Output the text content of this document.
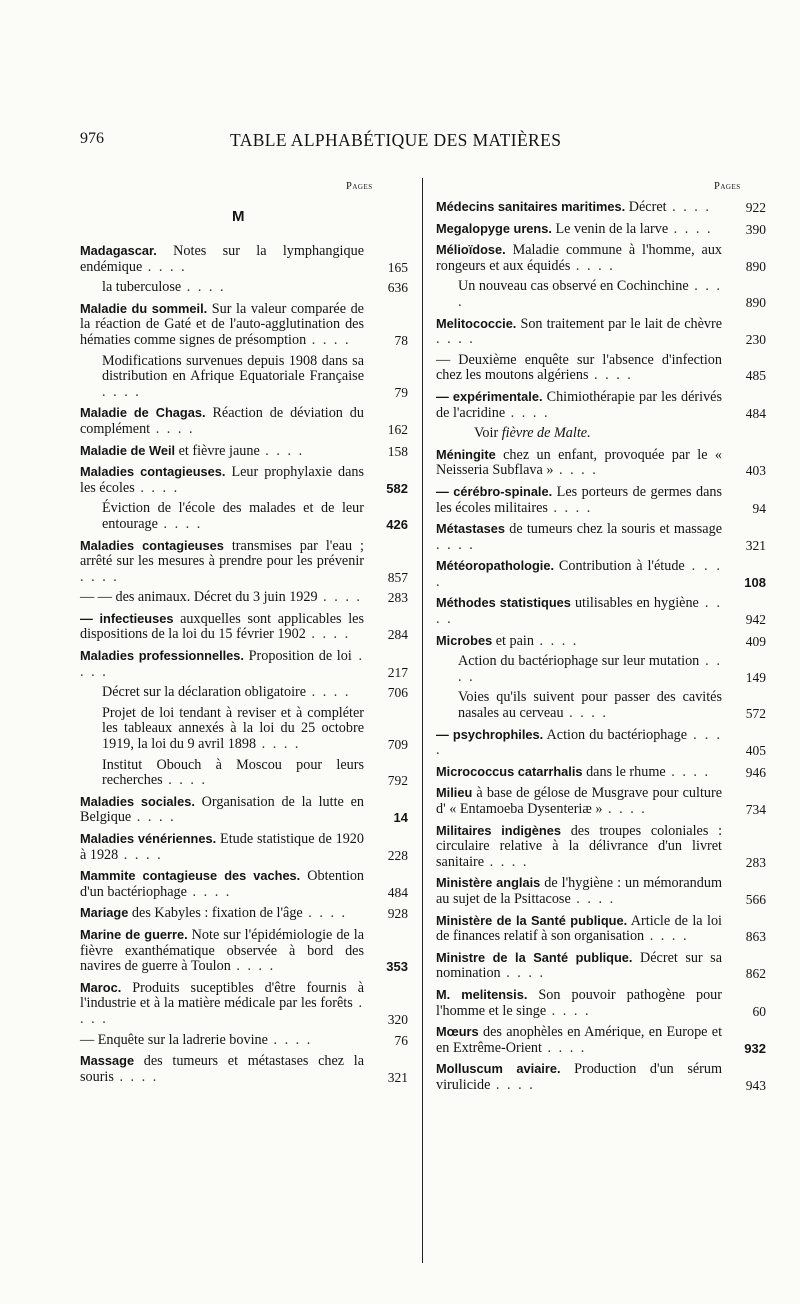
976	TABLE ALPHABÉTIQUE DES MATIÈRES
Pages	Pages
M
Madagascar. Notes sur la lymphangique endémique . . . .	165
la tuberculose . . . .	636
Maladie du sommeil. Sur la valeur comparée de la réaction de Gaté et de l'auto-agglutination des hématies comme signes de présomption . . . .	78
Modifications survenues depuis 1908 dans sa distribution en Afrique Equatoriale Française . . . .	79
Maladie de Chagas. Réaction de déviation du complément . . . .	162
Maladie de Weil et fièvre jaune . . . .	158
Maladies contagieuses. Leur prophylaxie dans les écoles . . . .	582
Éviction de l'école des malades et de leur entourage . . . .	426
Maladies contagieuses transmises par l'eau ; arrêté sur les mesures à prendre pour les prévenir . . . .	857
— — des animaux. Décret du 3 juin 1929 . . . .	283
— infectieuses auxquelles sont applicables les dispositions de la loi du 15 février 1902 . . . .	284
Maladies professionnelles. Proposition de loi . . . .	217
Décret sur la déclaration obligatoire . . . .	706
Projet de loi tendant à reviser et à compléter les tableaux annexés à la loi du 25 octobre 1919, la loi du 9 avril 1898 . . . .	709
Institut Obouch à Moscou pour leurs recherches . . . .	792
Maladies sociales. Organisation de la lutte en Belgique . . . .	14
Maladies vénériennes. Etude statistique de 1920 à 1928 . . . .	228
Mammite contagieuse des vaches. Obtention d'un bactériophage . . . .	484
Mariage des Kabyles : fixation de l'âge . . . .	928
Marine de guerre. Note sur l'épidémiologie de la fièvre exanthématique observée à bord des navires de guerre à Toulon . . . .	353
Maroc. Produits suceptibles d'être fournis à l'industrie et à la matière médicale par les forêts . . . .	320
— Enquête sur la ladrerie bovine . . . .	76
Massage des tumeurs et métastases chez la souris . . . .	321
Médecins sanitaires maritimes. Décret . . . .	922
Megalopyge urens. Le venin de la larve . . . .	390
Mélioïdose. Maladie commune à l'homme, aux rongeurs et aux équidés . . . .	890
Un nouveau cas observé en Cochinchine . . . .	890
Melitococcie. Son traitement par le lait de chèvre . . . .	230
— Deuxième enquête sur l'absence d'infection chez les moutons algériens . . . .	485
— expérimentale. Chimiothérapie par les dérivés de l'acridine . . . .	484
Voir fièvre de Malte.
Méningite chez un enfant, provoquée par le « Neisseria Subflava » . . . .	403
— cérébro-spinale. Les porteurs de germes dans les écoles militaires . . . .	94
Métastases de tumeurs chez la souris et massage . . . .	321
Météoropathologie. Contribution à l'étude . . . .	108
Méthodes statistiques utilisables en hygiène . . . .	942
Microbes et pain . . . .	409
Action du bactériophage sur leur mutation . . . .	149
Voies qu'ils suivent pour passer des cavités nasales au cerveau . . . .	572
— psychrophiles. Action du bactériophage . . . .	405
Micrococcus catarrhalis dans le rhume . . . .	946
Milieu à base de gélose de Musgrave pour culture d' « Entamoeba Dysenteriæ » . . . .	734
Militaires indigènes des troupes coloniales : circulaire relative à la délivrance d'un livret sanitaire . . . .	283
Ministère anglais de l'hygiène : un mémorandum au sujet de la Psittacose . . . .	566
Ministère de la Santé publique. Article de la loi de finances relatif à son organisation . . . .	863
Ministre de la Santé publique. Décret sur sa nomination . . . .	862
M. melitensis. Son pouvoir pathogène pour l'homme et le singe . . . .	60
Mœurs des anophèles en Amérique, en Europe et en Extrême-Orient . . . .	932
Molluscum aviaire. Production d'un sérum virulicide . . . .	943
